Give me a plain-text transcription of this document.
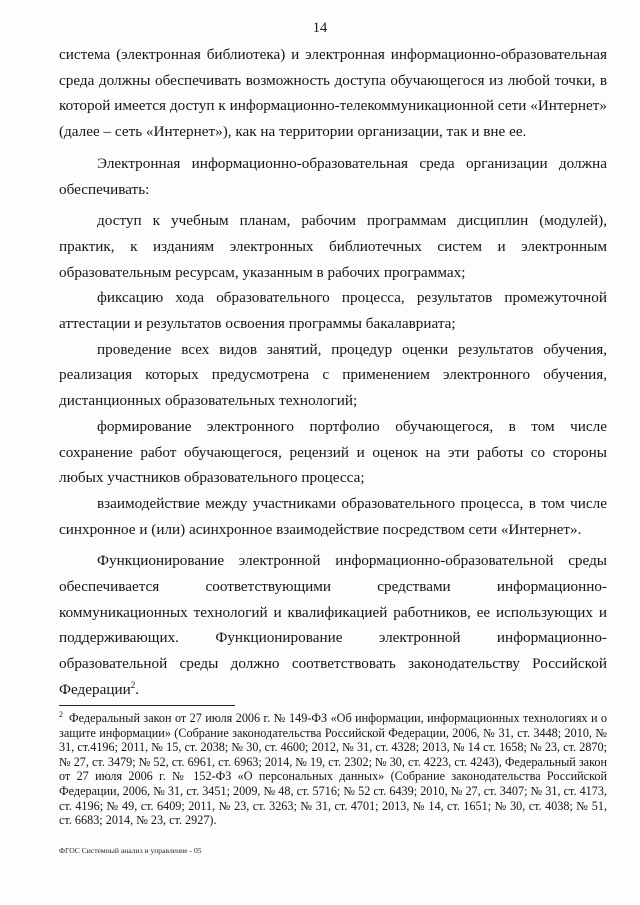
14

система (электронная библиотека) и электронная информационно-образовательная среда должны обеспечивать возможность доступа обучающегося из любой точки, в которой имеется доступ к информационно-телекоммуникационной сети «Интернет» (далее – сеть «Интернет»), как на территории организации, так и вне ее.

Электронная информационно-образовательная среда организации должна обеспечивать:

доступ к учебным планам, рабочим программам дисциплин (модулей), практик, к изданиям электронных библиотечных систем и электронным образовательным ресурсам, указанным в рабочих программах;

фиксацию хода образовательного процесса, результатов промежуточной аттестации и результатов освоения программы бакалавриата;

проведение всех видов занятий, процедур оценки результатов обучения, реализация которых предусмотрена с применением электронного обучения, дистанционных образовательных технологий;

формирование электронного портфолио обучающегося, в том числе сохранение работ обучающегося, рецензий и оценок на эти работы со стороны любых участников образовательного процесса;

взаимодействие между участниками образовательного процесса, в том числе синхронное и (или) асинхронное взаимодействие посредством сети «Интернет».

Функционирование электронной информационно-образовательной среды обеспечивается соответствующими средствами информационно-коммуникационных технологий и квалификацией работников, ее использующих и поддерживающих. Функционирование электронной информационно-образовательной среды должно соответствовать законодательству Российской Федерации$^2$.

$^2$ Федеральный закон от 27 июля 2006 г. № 149-ФЗ «Об информации, информационных технологиях и о защите информации» (Собрание законодательства Российской Федерации, 2006, № 31, ст. 3448; 2010, № 31, ст.4196; 2011, № 15, ст. 2038; № 30, ст. 4600; 2012, № 31, ст. 4328; 2013, № 14 ст. 1658; № 23, ст. 2870; № 27, ст. 3479; № 52, ст. 6961, ст. 6963; 2014, № 19, ст. 2302; № 30, ст. 4223, ст. 4243), Федеральный закон от 27 июля 2006 г. № 152-ФЗ «О персональных данных» (Собрание законодательства Российской Федерации, 2006, № 31, ст. 3451; 2009, № 48, ст. 5716; № 52 ст. 6439; 2010, № 27, ст. 3407; № 31, ст. 4173, ст. 4196; № 49, ст. 6409; 2011, № 23, ст. 3263; № 31, ст. 4701; 2013, № 14, ст. 1651; № 30, ст. 4038; № 51, ст. 6683; 2014, № 23, ст. 2927).
ФГОС Системный анализ и управление - 05
